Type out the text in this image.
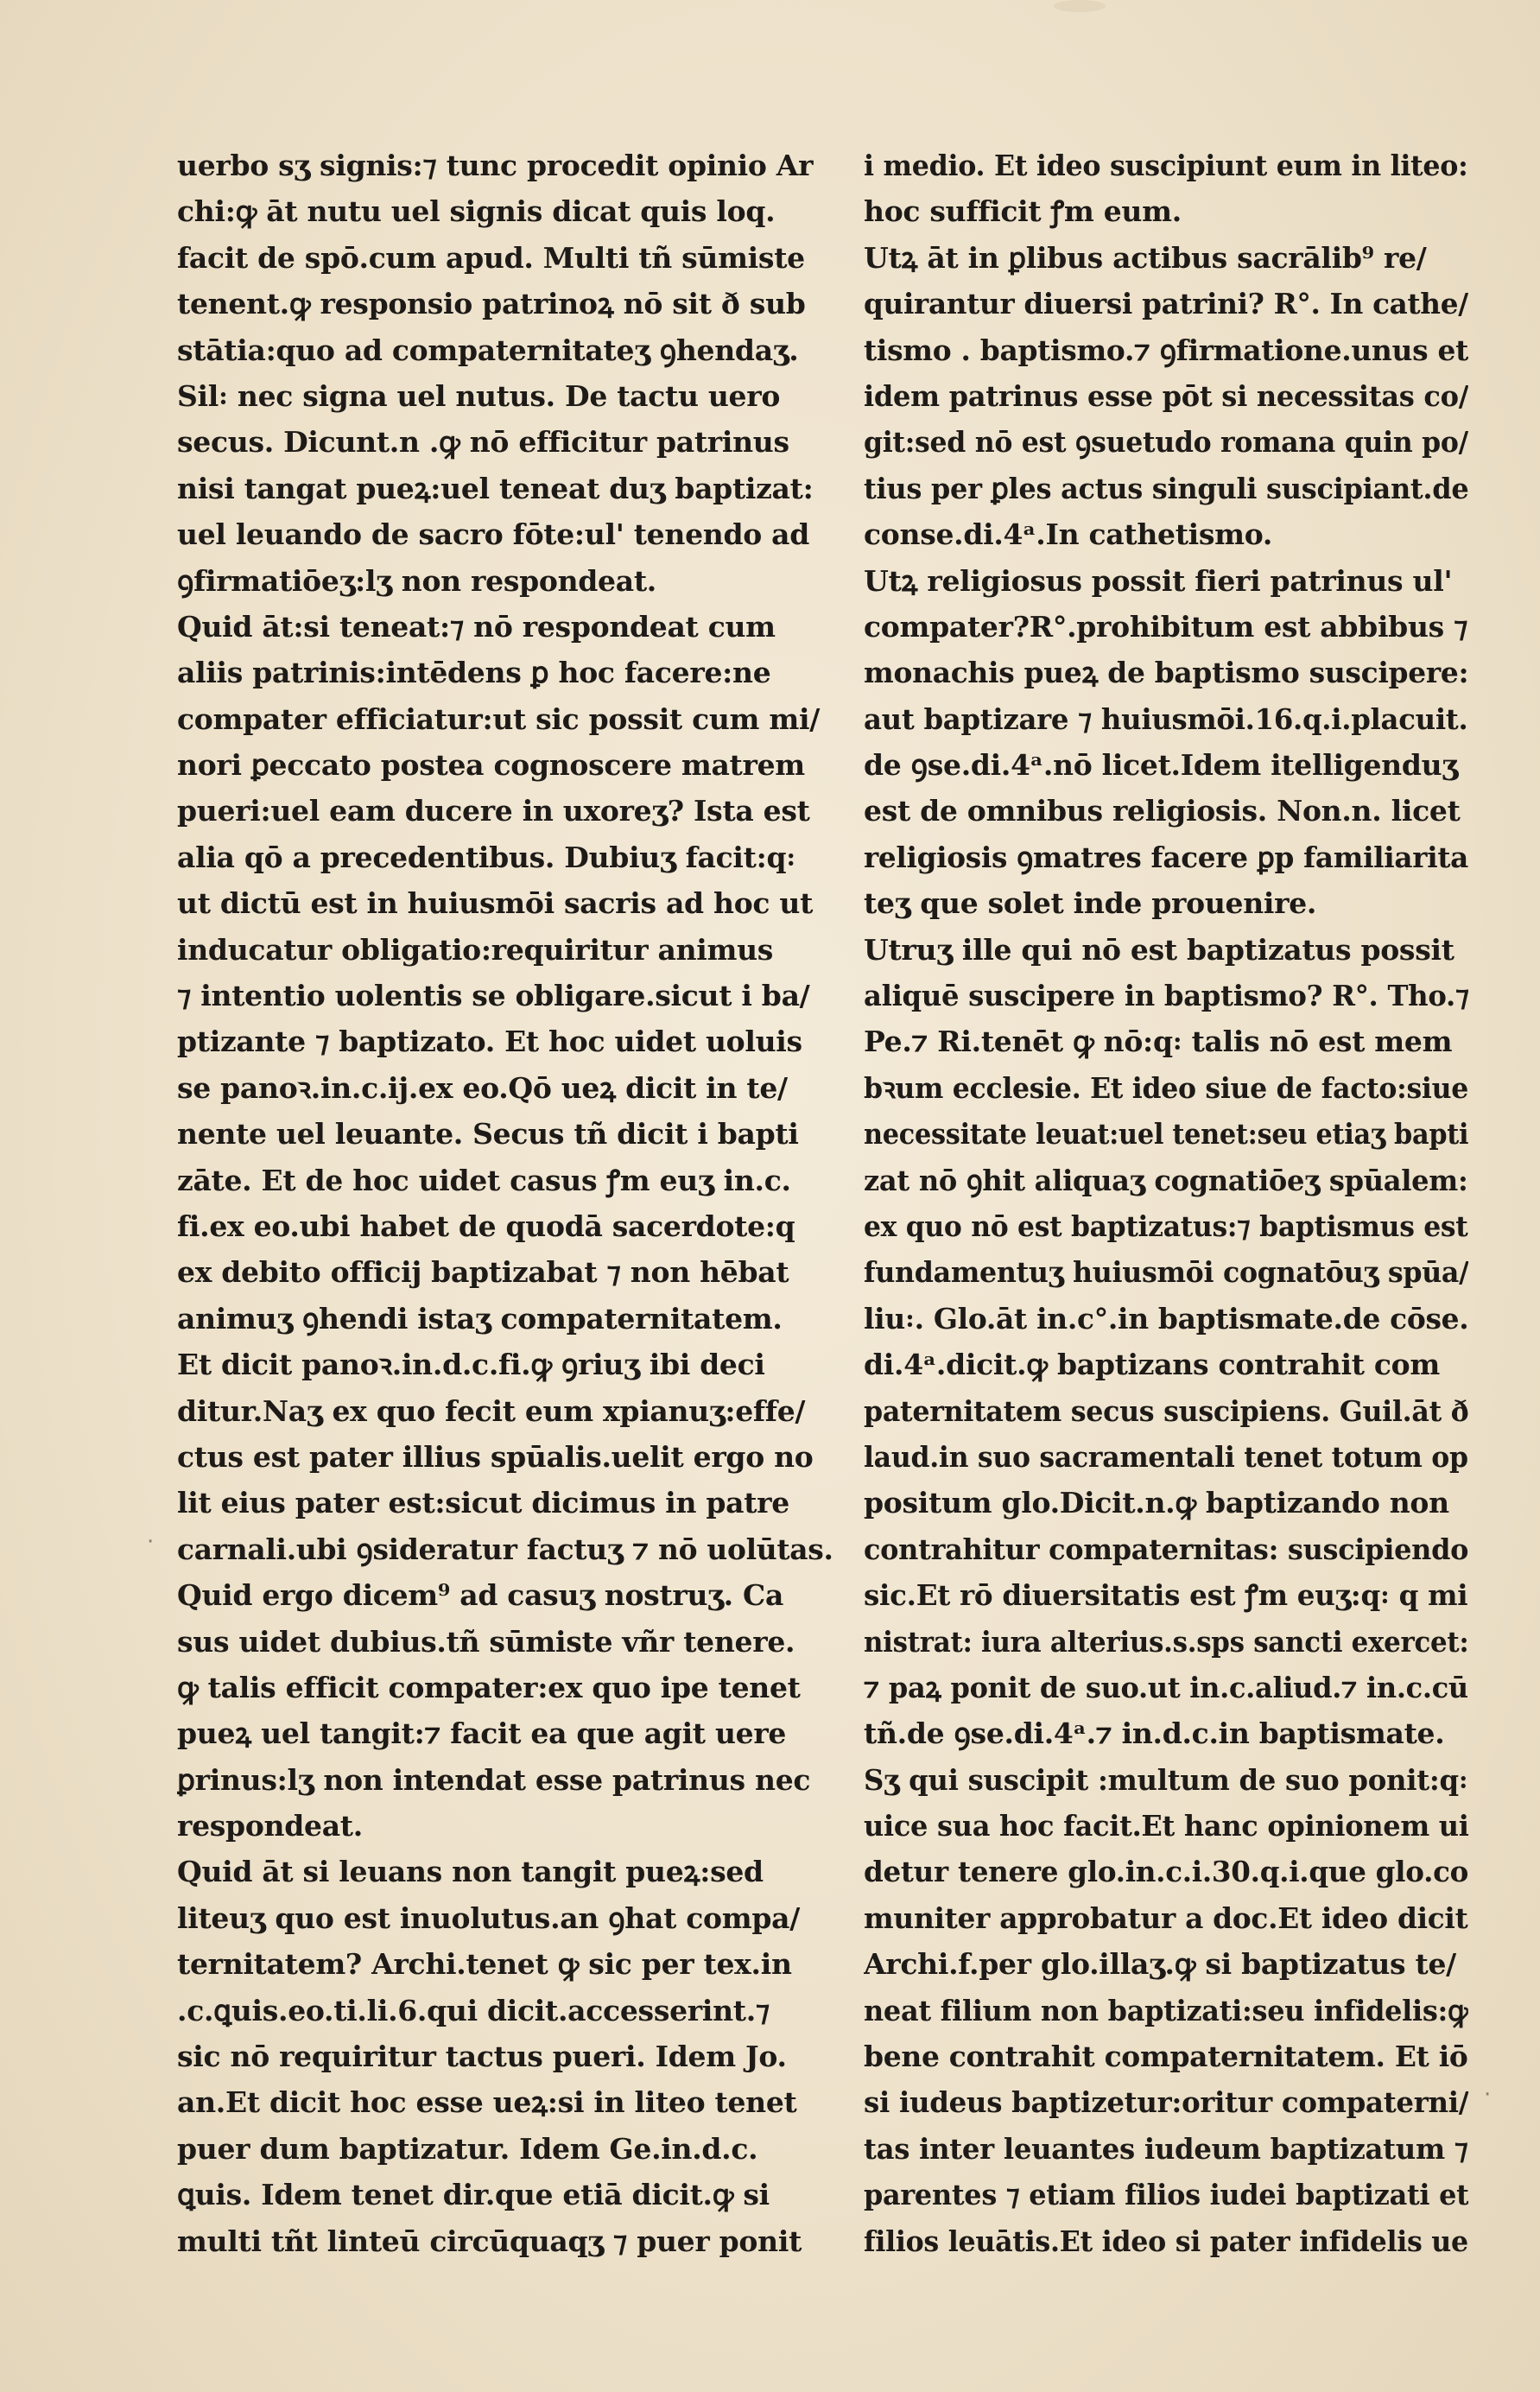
·
·
uerbo sʒ signis:⁊ tunc procedit opinio Ar
chi:ꝙ āt nutu uel signis dicat quis loq.
facit de spō.cum apud. Multi tñ sūmiste
tenent.ꝙ responsio patrinoꝝ nō sit ð sub
stātia:quo ad compaternitateʒ ꝯhendaʒ.
Sil꞉ nec signa uel nutus. De tactu uero
secus. Dicunt.n .ꝙ nō efficitur patrinus
nisi tangat pueꝝ:uel teneat duʒ baptizat:
uel leuando de sacro fōte:ul' tenendo ad
ꝯfirmatiōeʒ:lʒ non respondeat.
Quid āt:si teneat:⁊ nō respondeat cum
aliis patrinis:intēdens ꝑ hoc facere:ne
compater efficiatur:ut sic possit cum mi/
nori ꝑeccato postea cognoscere matrem
pueri:uel eam ducere in uxoreʒ? Ista est
alia qō a precedentibus. Dubiuʒ facit:q꞉
ut dictū est in huiusmōi sacris ad hoc ut
inducatur obligatio:requiritur animus
⁊ intentio uolentis se obligare.sicut i ba/
ptizante ⁊ baptizato. Et hoc uidet uoluis
se panoꝛ.in.c.ij.ex eo.Qō ueꝝ dicit in te/
nente uel leuante. Secus tñ dicit i bapti
zāte. Et de hoc uidet casus ꝭm euʒ in.c.
fi.ex eo.ubi habet de quodā sacerdote:q
ex debito officij baptizabat ⁊ non hēbat
animuʒ ꝯhendi istaʒ compaternitatem.
Et dicit panoꝛ.in.d.c.fi.ꝙ ꝯriuʒ ibi deci
ditur.Naʒ ex quo fecit eum xpianuʒ:effe/
ctus est pater illius spūalis.uelit ergo no
lit eius pater est:sicut dicimus in patre
carnali.ubi ꝯsideratur factuʒ ⁊ nō uolūtas.
Quid ergo dicem⁹ ad casuʒ nostruʒ. Ca
sus uidet dubius.tñ sūmiste vñr tenere.
ꝙ talis efficit compater:ex quo ipe tenet
pueꝝ uel tangit:⁊ facit ea que agit uere
ꝑrinus:lʒ non intendat esse patrinus nec
respondeat.
Quid āt si leuans non tangit pueꝝ:sed
liteuʒ quo est inuolutus.an ꝯhat compa/
ternitatem? Archi.tenet ꝙ sic per tex.in
.c.ꝗuis.eo.ti.li.6.qui dicit.accesserint.⁊
sic nō requiritur tactus pueri. Idem Jo.
an.Et dicit hoc esse ueꝝ:si in liteo tenet
puer dum baptizatur. Idem Ge.in.d.c.
ꝗuis. Idem tenet dir.que etiā dicit.ꝙ si
multi tñt linteū circūquaqʒ ⁊ puer ponit
i medio. Et ideo suscipiunt eum in liteo:
hoc sufficit ꝭm eum.
Utꝝ āt in ꝑlibus actibus sacrālib⁹ re/
quirantur diuersi patrini? R°. In cathe/
tismo . baptismo.⁊ ꝯfirmatione.unus et
idem patrinus esse pōt si necessitas co/
git:sed nō est ꝯsuetudo romana quin po/
tius per ꝑles actus singuli suscipiant.de
conse.di.4ᵃ.In cathetismo.
Utꝝ religiosus possit fieri patrinus ul'
compater?R°.prohibitum est abbibus ⁊
monachis pueꝝ de baptismo suscipere:
aut baptizare ⁊ huiusmōi.16.q.i.placuit.
de ꝯse.di.4ᵃ.nō licet.Idem itelligenduʒ
est de omnibus religiosis. Non.n. licet
religiosis ꝯmatres facere ꝑp familiarita
teʒ que solet inde prouenire.
Utruʒ ille qui nō est baptizatus possit
aliquē suscipere in baptismo? R°. Tho.⁊
Pe.⁊ Ri.tenēt ꝙ nō:q꞉ talis nō est mem
bꝛum ecclesie. Et ideo siue de facto:siue
necessitate leuat:uel tenet:seu etiaʒ bapti
zat nō ꝯhit aliquaʒ cognatiōeʒ spūalem:
ex quo nō est baptizatus:⁊ baptismus est
fundamentuʒ huiusmōi cognatōuʒ spūa/
liu꞉. Glo.āt in.c°.in baptismate.de cōse.
di.4ᵃ.dicit.ꝙ baptizans contrahit com
paternitatem secus suscipiens. Guil.āt ð
laud.in suo sacramentali tenet totum op
positum glo.Dicit.n.ꝙ baptizando non
contrahitur compaternitas: suscipiendo
sic.Et rō diuersitatis est ꝭm euʒ:q꞉ q mi
nistrat: iura alterius.s.sps sancti exercet:
⁊ paꝝ ponit de suo.ut in.c.aliud.⁊ in.c.cū
tñ.de ꝯse.di.4ᵃ.⁊ in.d.c.in baptismate.
Sʒ qui suscipit :multum de suo ponit:q꞉
uice sua hoc facit.Et hanc opinionem ui
detur tenere glo.in.c.i.30.q.i.que glo.co
muniter approbatur a doc.Et ideo dicit
Archi.f.per glo.illaʒ.ꝙ si baptizatus te/
neat filium non baptizati:seu infidelis:ꝙ
bene contrahit compaternitatem. Et iō
si iudeus baptizetur:oritur compaterni/
tas inter leuantes iudeum baptizatum ⁊
parentes ⁊ etiam filios iudei baptizati et
filios leuātis.Et ideo si pater infidelis ue
